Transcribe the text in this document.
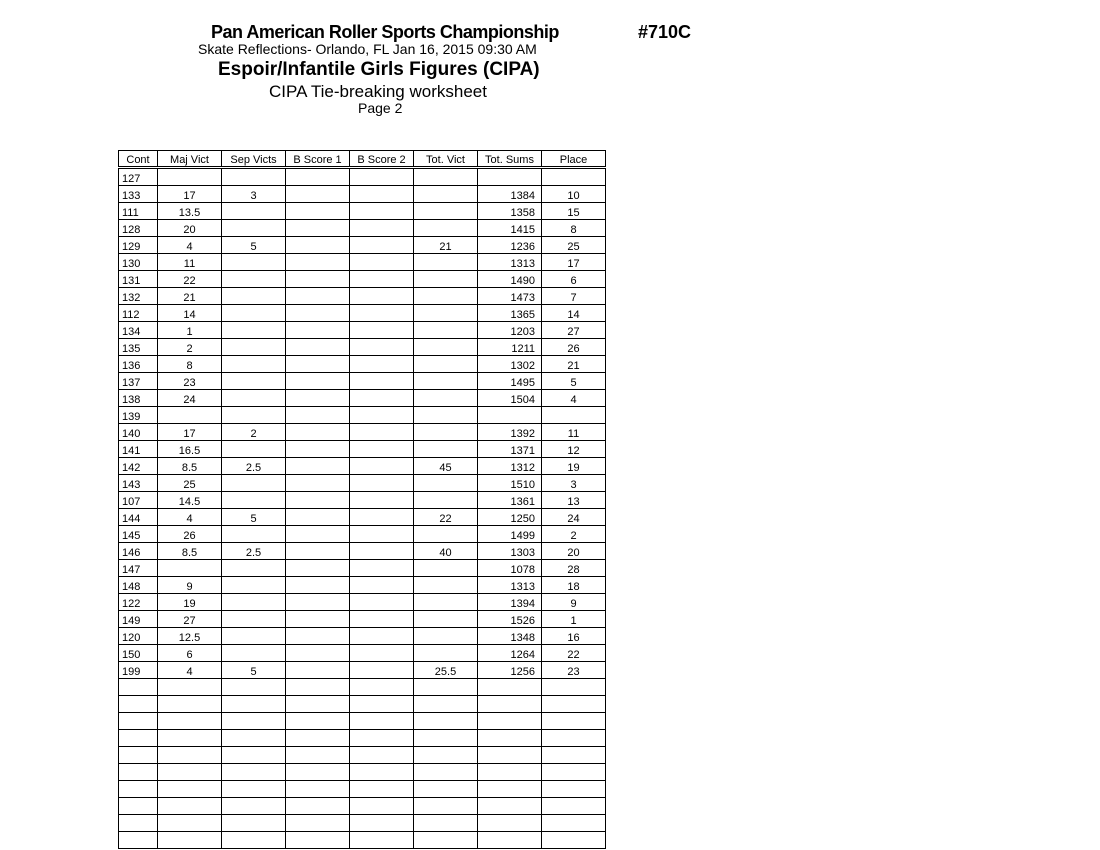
Pan American Roller Sports Championship	#710C
Skate Reflections- Orlando, FL Jan 16, 2015 09:30 AM
Espoir/Infantile Girls Figures (CIPA)
CIPA Tie-breaking worksheet
Page 2
Cont	Maj Vict	Sep Victs	B Score 1	B Score 2	Tot. Vict	Tot. Sums	Place
127							
133	17	3				1384	10
111	13.5					1358	15
128	20					1415	8
129	4	5			21	1236	25
130	11					1313	17
131	22					1490	6
132	21					1473	7
112	14					1365	14
134	1					1203	27
135	2					1211	26
136	8					1302	21
137	23					1495	5
138	24					1504	4
139							
140	17	2				1392	11
141	16.5					1371	12
142	8.5	2.5			45	1312	19
143	25					1510	3
107	14.5					1361	13
144	4	5			22	1250	24
145	26					1499	2
146	8.5	2.5			40	1303	20
147						1078	28
148	9					1313	18
122	19					1394	9
149	27					1526	1
120	12.5					1348	16
150	6					1264	22
199	4	5			25.5	1256	23
